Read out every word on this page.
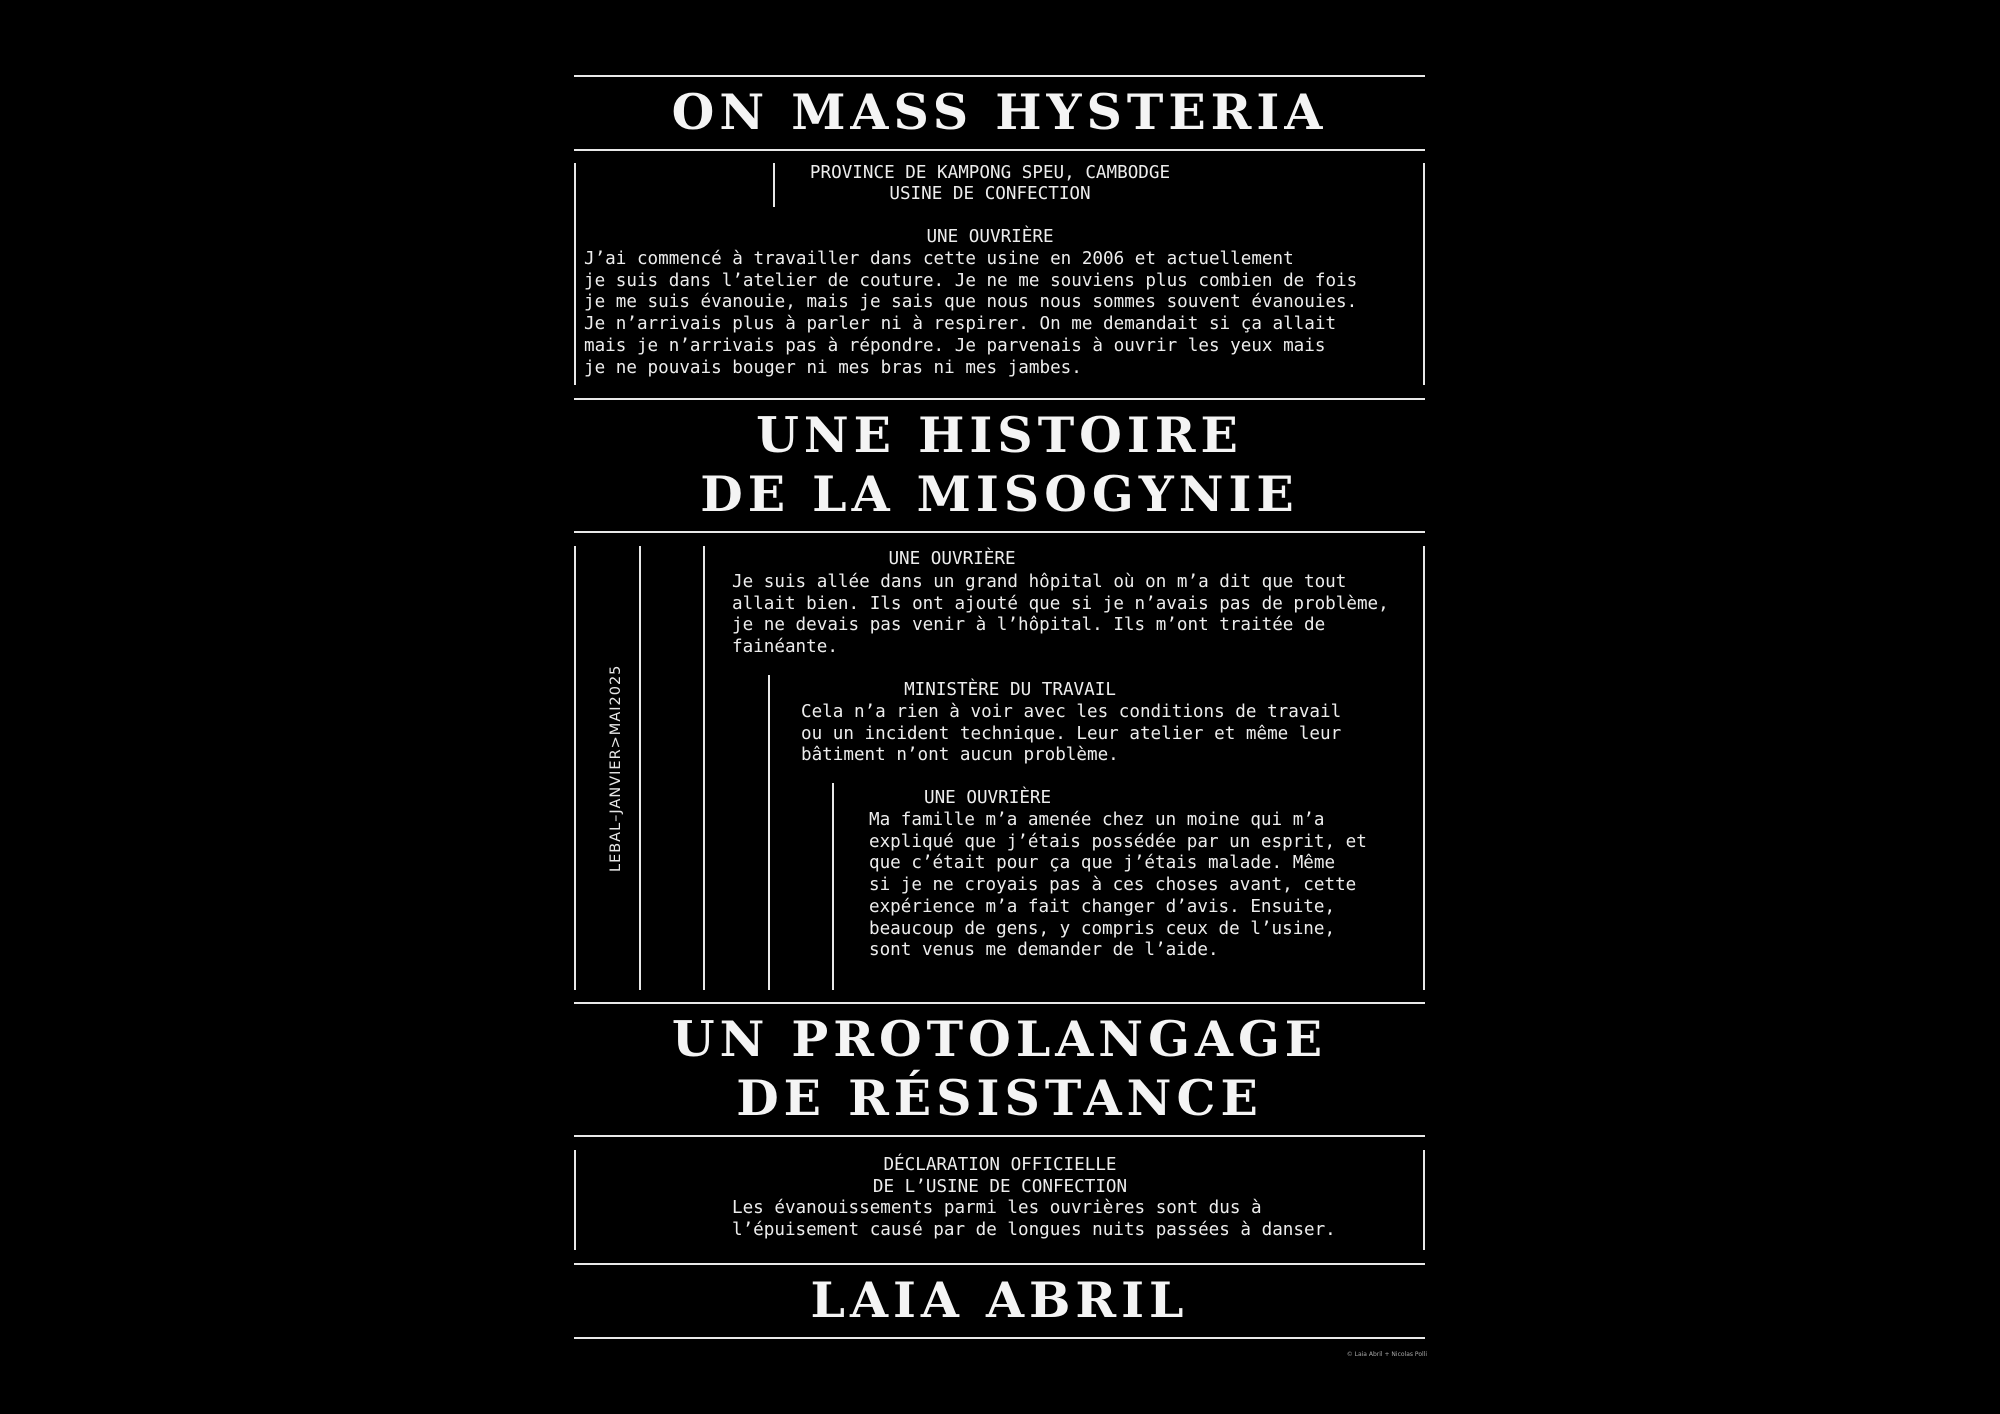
ON MASS HYSTERIA
PROVINCE DE KAMPONG SPEU, CAMBODGE
USINE DE CONFECTION
UNE OUVRIÈRE
J’ai commencé à travailler dans cette usine en 2006 et actuellement
je suis dans l’atelier de couture. Je ne me souviens plus combien de fois
je me suis évanouie, mais je sais que nous nous sommes souvent évanouies.
Je n’arrivais plus à parler ni à respirer. On me demandait si ça allait
mais je n’arrivais pas à répondre. Je parvenais à ouvrir les yeux mais
je ne pouvais bouger ni mes bras ni mes jambes.
UNE HISTOIRE
DE LA MISOGYNIE
LEBAL–JANVIER>MAI2025
UNE OUVRIÈRE
Je suis allée dans un grand hôpital où on m’a dit que tout
allait bien. Ils ont ajouté que si je n’avais pas de problème,
je ne devais pas venir à l’hôpital. Ils m’ont traitée de
fainéante.
MINISTÈRE DU TRAVAIL
Cela n’a rien à voir avec les conditions de travail
ou un incident technique. Leur atelier et même leur
bâtiment n’ont aucun problème.
UNE OUVRIÈRE
Ma famille m’a amenée chez un moine qui m’a
expliqué que j’étais possédée par un esprit, et
que c’était pour ça que j’étais malade. Même
si je ne croyais pas à ces choses avant, cette
expérience m’a fait changer d’avis. Ensuite,
beaucoup de gens, y compris ceux de l’usine,
sont venus me demander de l’aide.
UN PROTOLANGAGE
DE RÉSISTANCE
DÉCLARATION OFFICIELLE
DE L’USINE DE CONFECTION
Les évanouissements parmi les ouvrières sont dus à
l’épuisement causé par de longues nuits passées à danser.
LAIA ABRIL
© Laia Abril + Nicolas Polli
